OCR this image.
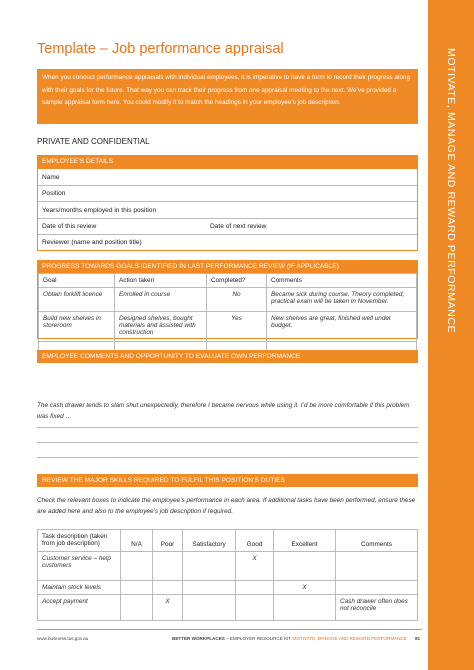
MOTIVATE, MANAGE AND REWARD PERFORMANCE
Template – Job performance appraisal
When you conduct performance appraisals with individual employees, it is imperative to have a form to record their progress along with their goals for the future. That way you can track their progress from one appraisal meeting to the next. We’ve provided a sample appraisal form here. You could modify it to match the headings in your employee’s job description.
PRIVATE AND CONFIDENTIAL
EMPLOYEE’S DETAILS
Name
Position
Years/months employed in this position
Date of this review	Date of next review
Reviewer (name and position title)
PROGRESS TOWARDS GOALS IDENTIFIED IN LAST PERFORMANCE REVIEW (IF APPLICABLE)
Goal	Action taken	Completed?	Comments
Obtain forklift licence	Enrolled in course	No	Became sick during course. Theory completed, practical exam will be taken in November.
Build new shelves in storeroom	Designed shelves, bought materials and assisted with construction	Yes	New shelves are great, finished well under budget.

EMPLOYEE COMMENTS AND OPPORTUNITY TO EVALUATE OWN PERFORMANCE
The cash drawer tends to slam shut unexpectedly, therefore I became nervous while using it. I’d be more comfortable if this problem was fixed …
REVIEW THE MAJOR SKILLS REQUIRED TO FULFIL THIS POSITION’S DUTIES
Check the relevant boxes to indicate the employee’s performance in each area. If additional tasks have been performed, ensure these are added here and also to the employee’s job description if required.
Task description (taken from job description)	N/A	Poor	Satisfactory	Good	Excellent	Comments
Customer service – help customers				X		
Maintain stock levels					X	
Accept payment		X				Cash drawer often does not reconcile
www.business.tas.gov.au	BETTER WORKPLACES – EMPLOYER RESOURCE KIT MOTIVATE, MANAGE AND REWARD PERFORMANCE 81
